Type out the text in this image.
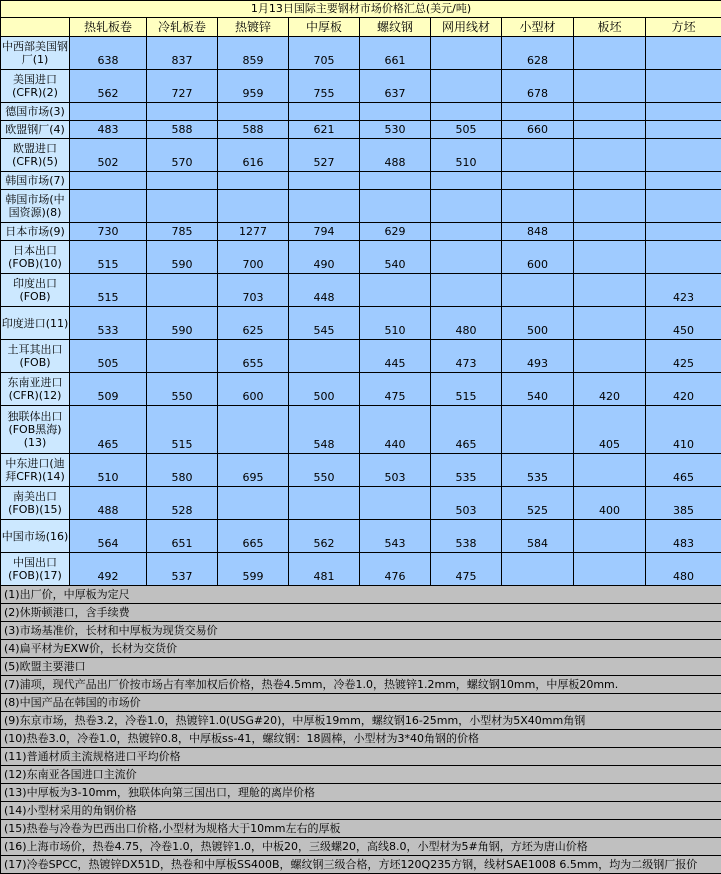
1月13日国际主要钢材市场价格汇总(美元/吨)									
	热轧板卷	冷轧板卷	热镀锌	中厚板	螺纹钢	网用线材	小型材	板坯	方坯
中西部美国钢厂(1)	638	837	859	705	661		628		
美国进口(CFR)(2)	562	727	959	755	637		678		
德国市场(3)									
欧盟钢厂(4)	483	588	588	621	530	505	660		
欧盟进口(CFR)(5)	502	570	616	527	488	510			
韩国市场(7)									
韩国市场(中国资源)(8)									
日本市场(9)	730	785	1277	794	629		848		
日本出口(FOB)(10)	515	590	700	490	540		600		
印度出口(FOB)	515		703	448					423
印度进口(11)	533	590	625	545	510	480	500		450
土耳其出口(FOB)	505		655		445	473	493		425
东南亚进口(CFR)(12)	509	550	600	500	475	515	540	420	420
独联体出口(FOB黑海)(13)	465	515		548	440	465		405	410
中东进口(迪拜CFR)(14)	510	580	695	550	503	535	535		465
南美出口(FOB)(15)	488	528				503	525	400	385
中国市场(16)	564	651	665	562	543	538	584		483
中国出口(FOB)(17)	492	537	599	481	476	475			480
(1)出厂价，中厚板为定尺									
(2)休斯顿港口，含手续费									
(3)市场基准价，长材和中厚板为现货交易价									
(4)扁平材为EXW价，长材为交货价									
(5)欧盟主要港口									
(7)浦项，现代产品出厂价按市场占有率加权后价格，热卷4.5mm，冷卷1.0，热镀锌1.2mm，螺纹钢10mm，中厚板20mm.									
(8)中国产品在韩国的市场价									
(9)东京市场，热卷3.2，冷卷1.0，热镀锌1.0(USG#20)，中厚板19mm，螺纹钢16-25mm，小型材为5X40mm角钢									
(10)热卷3.0，冷卷1.0，热镀锌0.8，中厚板ss-41，螺纹钢：18圆棒，小型材为3*40角钢的价格									
(11)普通材质主流规格进口平均价格									
(12)东南亚各国进口主流价									
(13)中厚板为3-10mm，独联体向第三国出口，理舱的离岸价格									
(14)小型材采用的角钢价格									
(15)热卷与冷卷为巴西出口价格,小型材为规格大于10mm左右的厚板									
(16)上海市场价，热卷4.75，冷卷1.0，热镀锌1.0，中板20，三级螺20，高线8.0，小型材为5#角钢，方坯为唐山价格									
(17)冷卷SPCC，热镀锌DX51D，热卷和中厚板SS400B，螺纹钢三级合格，方坯120Q235方钢，线材SAE1008 6.5mm，均为二级钢厂报价									
